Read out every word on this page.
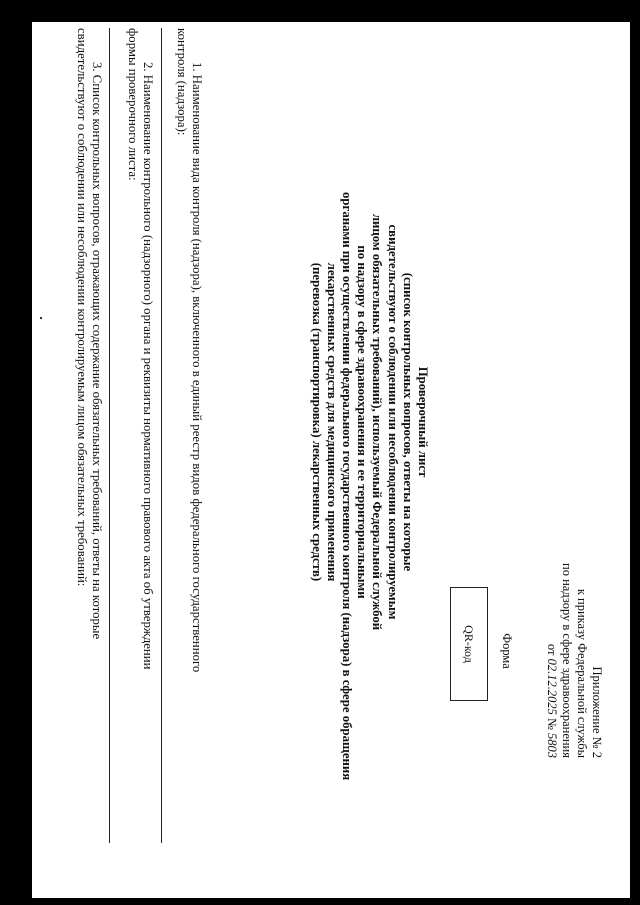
Приложение № 2
к приказу Федеральной службы
по надзору в сфере здравоохранения
от 02.12.2025 № 5803
Форма
QR-код
Проверочный лист
(список контрольных вопросов, ответы на которые
свидетельствуют о соблюдении или несоблюдении контролируемым
лицом обязательных требований), используемый Федеральной службой
по надзору в сфере здравоохранения и ее территориальными
органами при осуществлении федерального государственного контроля (надзора) в сфере обращения
лекарственных средств для медицинского применения
(перевозка (транспортировка) лекарственных средств)
1. Наименование вида контроля (надзора), включенного в единый реестр видов федерального государственного
контроля (надзора):
2. Наименование контрольного (надзорного) органа и реквизиты нормативного правового акта об утверждении
формы проверочного листа:
3. Список контрольных вопросов, отражающих содержание обязательных требований, ответы на которые
свидетельствуют о соблюдении или несоблюдении контролируемым лицом обязательных требований:
